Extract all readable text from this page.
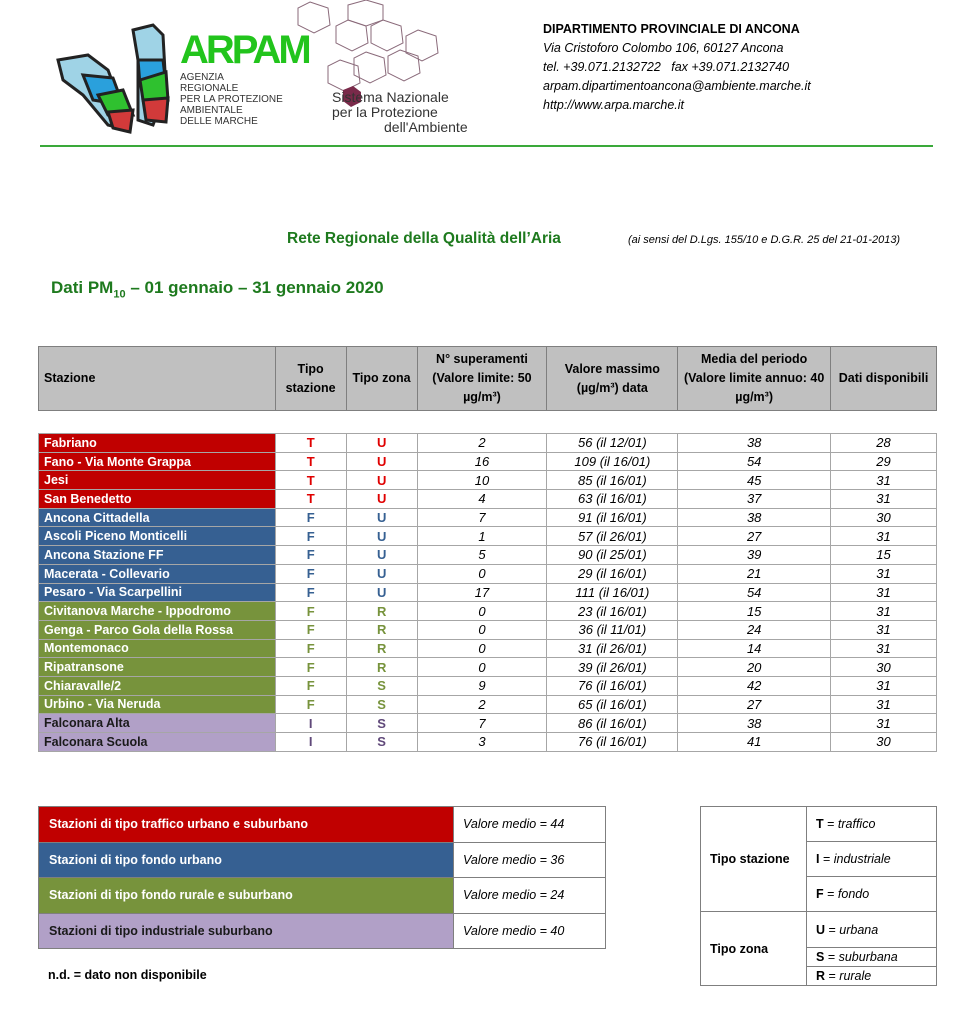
ARPAM
AGENZIA
REGIONALE
PER LA PROTEZIONE
AMBIENTALE
DELLE MARCHE
Sistema Nazionale
per la Protezione
dell'Ambiente
DIPARTIMENTO PROVINCIALE DI ANCONA
Via Cristoforo Colombo 106, 60127 Ancona
tel. +39.071.2132722   fax +39.071.2132740
arpam.dipartimentoancona@ambiente.marche.it
http://www.arpa.marche.it
Rete Regionale della Qualità dell’Aria	(ai sensi del D.Lgs. 155/10 e D.G.R. 25 del 21-01-2013)
Dati $PM_{10} - 01$ gennaio – 31 gennaio 2020
Stazione	Tipo stazione	Tipo zona	N° superamenti (Valore limite: 50 µg/m³)	Valore massimo (µg/m³) data	Media del periodo (Valore limite annuo: 40 µg/m³)	Dati disponibili
Fabriano	T	U	2	56 (il 12/01)	38	28
Fano - Via Monte Grappa	T	U	16	109 (il 16/01)	54	29
Jesi	T	U	10	85 (il 16/01)	45	31
San Benedetto	T	U	4	63 (il 16/01)	37	31
Ancona Cittadella	F	U	7	91 (il 16/01)	38	30
Ascoli Piceno Monticelli	F	U	1	57 (il 26/01)	27	31
Ancona Stazione FF	F	U	5	90 (il 25/01)	39	15
Macerata - Collevario	F	U	0	29 (il 16/01)	21	31
Pesaro - Via Scarpellini	F	U	17	111 (il 16/01)	54	31
Civitanova Marche - Ippodromo	F	R	0	23 (il 16/01)	15	31
Genga - Parco Gola della Rossa	F	R	0	36 (il 11/01)	24	31
Montemonaco	F	R	0	31 (il 26/01)	14	31
Ripatransone	F	R	0	39 (il 26/01)	20	30
Chiaravalle/2	F	S	9	76 (il 16/01)	42	31
Urbino - Via Neruda	F	S	2	65 (il 16/01)	27	31
Falconara Alta	I	S	7	86 (il 16/01)	38	31
Falconara Scuola	I	S	3	76 (il 16/01)	41	30
Stazioni di tipo traffico urbano e suburbano	Valore medio = 44
Stazioni di tipo fondo urbano	Valore medio = 36
Stazioni di tipo fondo rurale e suburbano	Valore medio = 24
Stazioni di tipo industriale suburbano	Valore medio = 40
n.d. = dato non disponibile
Tipo stazione	T = traffico
	I = industriale
	F = fondo
Tipo zona	U = urbana
	S = suburbana
	R = rurale
